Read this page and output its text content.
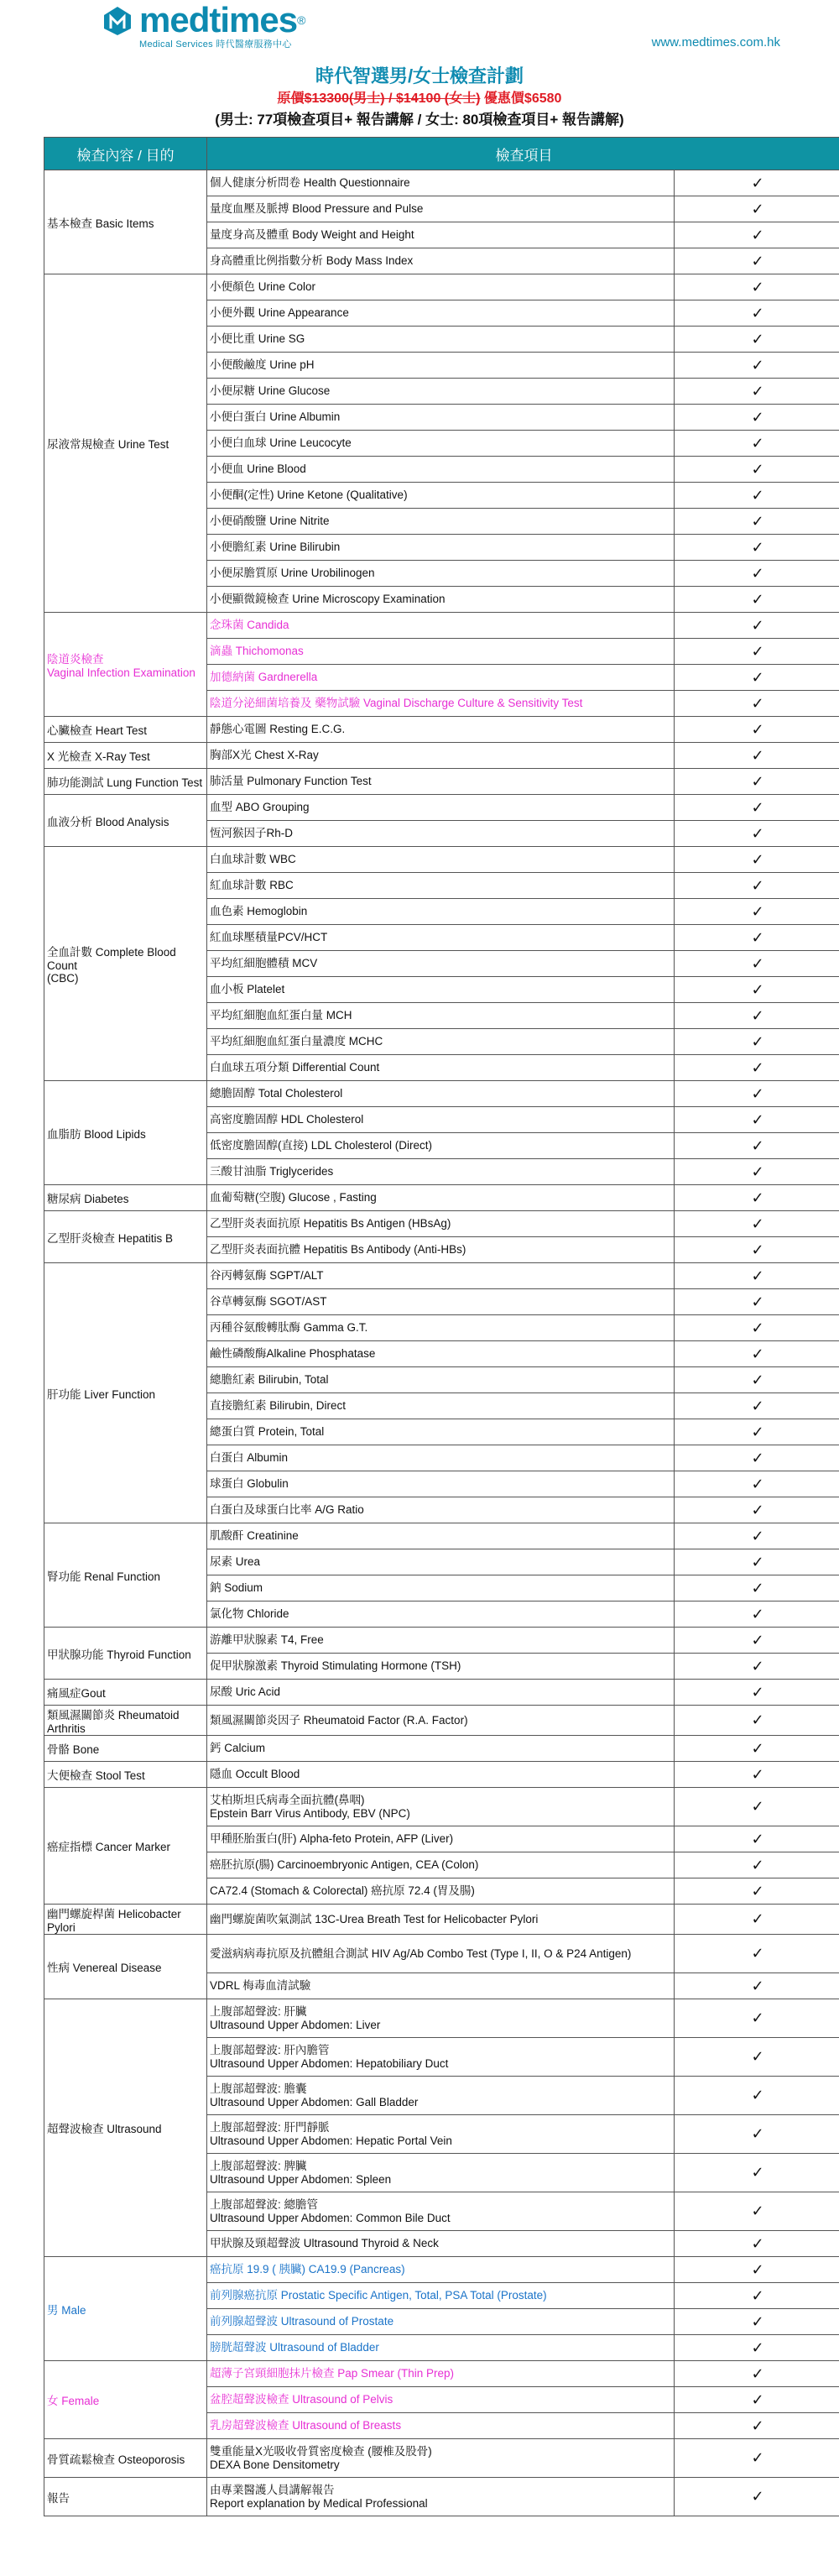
medtimes®
Medical Services 時代醫療服務中心	www.medtimes.com.hk
時代智選男/女士檢查計劃
原價$13300(男士) / $14100 (女士) 優惠價$6580
(男士: 77項檢查項目+ 報告講解 / 女士: 80項檢查項目+ 報告講解)
檢查內容 / 目的	檢查項目	
基本檢查 Basic Items	個人健康分析問卷 Health Questionnaire	✓
	量度血壓及脈搏 Blood Pressure and Pulse	✓
	量度身高及體重 Body Weight and Height	✓
	身高體重比例指數分析 Body Mass Index	✓
尿液常規檢查 Urine Test	小便顏色 Urine Color	✓
	小便外觀 Urine Appearance	✓
	小便比重 Urine SG	✓
	小便酸鹼度 Urine pH	✓
	小便尿糖 Urine Glucose	✓
	小便白蛋白 Urine Albumin	✓
	小便白血球 Urine Leucocyte	✓
	小便血 Urine Blood	✓
	小便酮(定性) Urine Ketone (Qualitative)	✓
	小便硝酸鹽 Urine Nitrite	✓
	小便膽紅素 Urine Bilirubin	✓
	小便尿膽質原 Urine Urobilinogen	✓
	小便顯微鏡檢查 Urine Microscopy Examination	✓
陰道炎檢查
Vaginal Infection Examination	念珠菌 Candida	✓
	滴蟲 Thichomonas	✓
	加德納菌 Gardnerella	✓
	陰道分泌細菌培養及 藥物試驗 Vaginal Discharge Culture & Sensitivity Test	✓
心臟檢查 Heart Test	靜態心電圖 Resting E.C.G.	✓
X 光檢查 X-Ray Test	胸部X光 Chest X-Ray	✓
肺功能測試 Lung Function Test	肺活量 Pulmonary Function Test	✓
血液分析 Blood Analysis	血型 ABO Grouping	✓
	恆河猴因子Rh-D	✓
全血計數 Complete Blood Count
(CBC)	白血球計數 WBC	✓
	紅血球計數 RBC	✓
	血色素 Hemoglobin	✓
	紅血球壓積量PCV/HCT	✓
	平均紅細胞體積 MCV	✓
	血小板 Platelet	✓
	平均紅細胞血紅蛋白量 MCH	✓
	平均紅細胞血紅蛋白量濃度 MCHC	✓
	白血球五項分類 Differential Count	✓
血脂肪 Blood Lipids	總膽固醇 Total Cholesterol	✓
	高密度膽固醇 HDL Cholesterol	✓
	低密度膽固醇(直接) LDL Cholesterol (Direct)	✓
	三酸甘油脂 Triglycerides	✓
糖尿病 Diabetes	血葡萄糖(空腹) Glucose , Fasting	✓
乙型肝炎檢查 Hepatitis B	乙型肝炎表面抗原 Hepatitis Bs Antigen (HBsAg)	✓
	乙型肝炎表面抗體 Hepatitis Bs Antibody (Anti-HBs)	✓
肝功能 Liver Function	谷丙轉氨酶 SGPT/ALT	✓
	谷草轉氨酶 SGOT/AST	✓
	丙種谷氨酸轉肽酶 Gamma G.T.	✓
	鹼性磷酸酶Alkaline Phosphatase	✓
	總膽紅素 Bilirubin, Total	✓
	直接膽紅素 Bilirubin, Direct	✓
	總蛋白質 Protein, Total	✓
	白蛋白 Albumin	✓
	球蛋白 Globulin	✓
	白蛋白及球蛋白比率 A/G Ratio	✓
腎功能 Renal Function	肌酸酐 Creatinine	✓
	尿素 Urea	✓
	鈉 Sodium	✓
	氯化物 Chloride	✓
甲狀腺功能 Thyroid Function	游離甲狀腺素 T4, Free	✓
	促甲狀腺激素 Thyroid Stimulating Hormone (TSH)	✓
痛風症Gout	尿酸 Uric Acid	✓
類風濕關節炎 Rheumatoid Arthritis	類風濕關節炎因子 Rheumatoid Factor (R.A. Factor)	✓
骨骼 Bone	鈣 Calcium	✓
大便檢查 Stool Test	隱血 Occult Blood	✓
癌症指標 Cancer Marker	艾柏斯坦氏病毒全面抗體(鼻咽)
Epstein Barr Virus Antibody, EBV (NPC)	✓
	甲種胚胎蛋白(肝) Alpha-feto Protein, AFP (Liver)	✓
	癌胚抗原(腸) Carcinoembryonic Antigen, CEA (Colon)	✓
	CA72.4 (Stomach & Colorectal) 癌抗原 72.4 (胃及腸)	✓
幽門螺旋桿菌 Helicobacter Pylori	幽門螺旋菌吹氣測試 13C-Urea Breath Test for Helicobacter Pylori	✓
性病 Venereal Disease	愛滋病病毒抗原及抗體組合測試 HIV Ag/Ab Combo Test (Type I, II, O & P24 Antigen)	✓
	VDRL 梅毒血清試驗	✓
超聲波檢查 Ultrasound	上腹部超聲波: 肝臟
Ultrasound Upper Abdomen: Liver	✓
	上腹部超聲波: 肝內膽管
Ultrasound Upper Abdomen: Hepatobiliary Duct	✓
	上腹部超聲波: 膽囊
Ultrasound Upper Abdomen: Gall Bladder	✓
	上腹部超聲波: 肝門靜脈
Ultrasound Upper Abdomen: Hepatic Portal Vein	✓
	上腹部超聲波: 脾臟
Ultrasound Upper Abdomen: Spleen	✓
	上腹部超聲波: 總膽管
Ultrasound Upper Abdomen: Common Bile Duct	✓
	甲狀腺及頸超聲波 Ultrasound Thyroid & Neck	✓
男 Male	癌抗原 19.9 ( 胰臟) CA19.9 (Pancreas)	✓
	前列腺癌抗原 Prostatic Specific Antigen, Total, PSA Total (Prostate)	✓
	前列腺超聲波 Ultrasound of Prostate	✓
	膀胱超聲波 Ultrasound of Bladder	✓
女 Female	超薄子宮頸細胞抹片檢查 Pap Smear (Thin Prep)	✓
	盆腔超聲波檢查 Ultrasound of Pelvis	✓
	乳房超聲波檢查 Ultrasound of Breasts	✓
骨質疏鬆檢查 Osteoporosis	雙重能量X光吸收骨質密度檢查 (腰椎及股骨)
DEXA Bone Densitometry	✓
報告	由專業醫護人員講解報告
Report explanation by Medical Professional	✓
